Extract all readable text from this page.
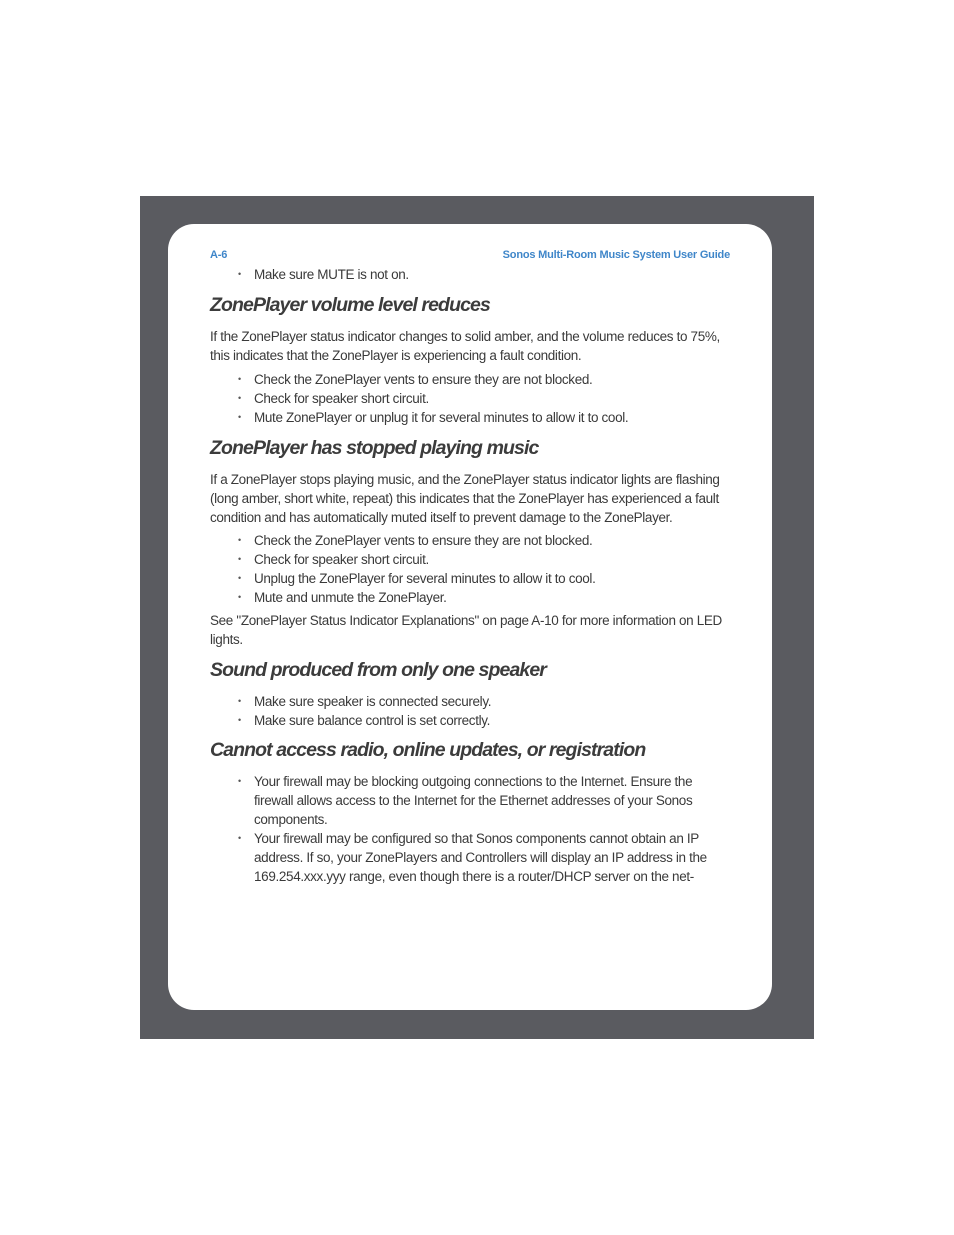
A-6	Sonos Multi-Room Music System User Guide
• Make sure MUTE is not on.
ZonePlayer volume level reduces

If the ZonePlayer status indicator changes to solid amber, and the volume reduces to 75%, this indicates that the ZonePlayer is experiencing a fault condition.

• Check the ZonePlayer vents to ensure they are not blocked.
• Check for speaker short circuit.
• Mute ZonePlayer or unplug it for several minutes to allow it to cool.
ZonePlayer has stopped playing music

If a ZonePlayer stops playing music, and the ZonePlayer status indicator lights are flashing (long amber, short white, repeat) this indicates that the ZonePlayer has experienced a fault condition and has automatically muted itself to prevent damage to the ZonePlayer.

• Check the ZonePlayer vents to ensure they are not blocked.
• Check for speaker short circuit.
• Unplug the ZonePlayer for several minutes to allow it to cool.
• Mute and unmute the ZonePlayer.

See "ZonePlayer Status Indicator Explanations" on page A-10 for more information on LED lights.

Sound produced from only one speaker
• Make sure speaker is connected securely.
• Make sure balance control is set correctly.
Cannot access radio, online updates, or registration
• Your firewall may be blocking outgoing connections to the Internet. Ensure the firewall allows access to the Internet for the Ethernet addresses of your Sonos components.
• Your firewall may be configured so that Sonos components cannot obtain an IP address. If so, your ZonePlayers and Controllers will display an IP address in the 169.254.xxx.yyy range, even though there is a router/DHCP server on the net-
